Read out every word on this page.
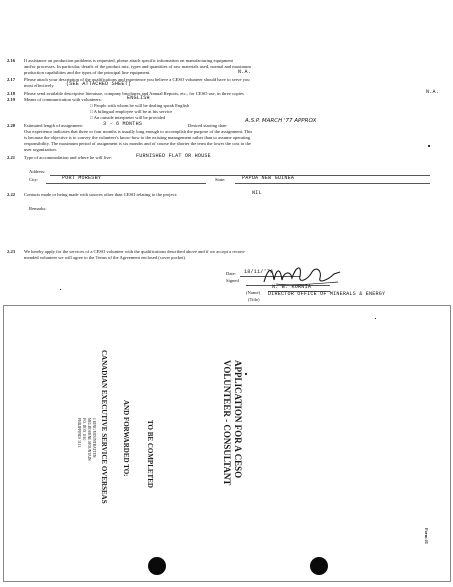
2.16 If assistance on production problems is requested, please attach specific information on manufacturing equipment
and/or processes. In particular, details of the product mix, types and quantities of raw materials used, normal and maximum
production capabilities and the types of the principal line equipment.	N.A.
2.17 Please attach your description of the qualifications and experience you believe a CESO volunteer should have to serve you
most effectively. (SEE ATTACHED SHEET)
2.18 Please send available descriptive literature, company brochures and Annual Reports, etc., for CESO use, in three copies	N.A.
2.19 Means of communication with volunteers:	ENGLISH
□ People with whom he will be dealing speak English
□ A bilingual employee will be at his service
□ An outside interpreter will be provided
2.20 Estimated length of assignment:	3 - 6 MONTHS	Desired starting date:
A.S.P. MARCH '77 APPROX
Our experience indicates that three or four months is usually long enough to accomplish the purpose of the assignment. This
is because the objective is to convey the volunteer's know-how to the existing management rather than to assume operating
responsibility. The maximum period of assignment is six months and of course the shorter the term the lower the cost to the
user organization.
2.21 Type of accommodation and where he will live:	FURNISHED FLAT OR HOUSE
Address:
City:	PORT MORESBY	State:	PAPUA NEW GUINEA
2.22 Contacts made or being made with sources other than CESO relating to the project:	NIL
Remarks:
2.23 We hereby apply for the services of a CESO volunteer with the qualifications described above and if we accept a recom-
mended volunteer we will agree to the Terms of the Agreement enclosed (cover pocket).
Date: 18/11/'76
Signed
(Name)
N. B. KORNIA
(Title)
DIRECTOR OFFICE OF MINERALS & ENERGY
APPLICATION FOR A CESO
VOLUNTEER - CONSULTANT
TO BE COMPLETED
AND FORWARDED TO:
CANADIAN EXECUTIVE SERVICE OVERSEAS
1 KING MOUNTBATTEN
MELBOURNE MOUNTAIN
P.O. BOX 1110
PHILIPPINES 3111
Form #1
